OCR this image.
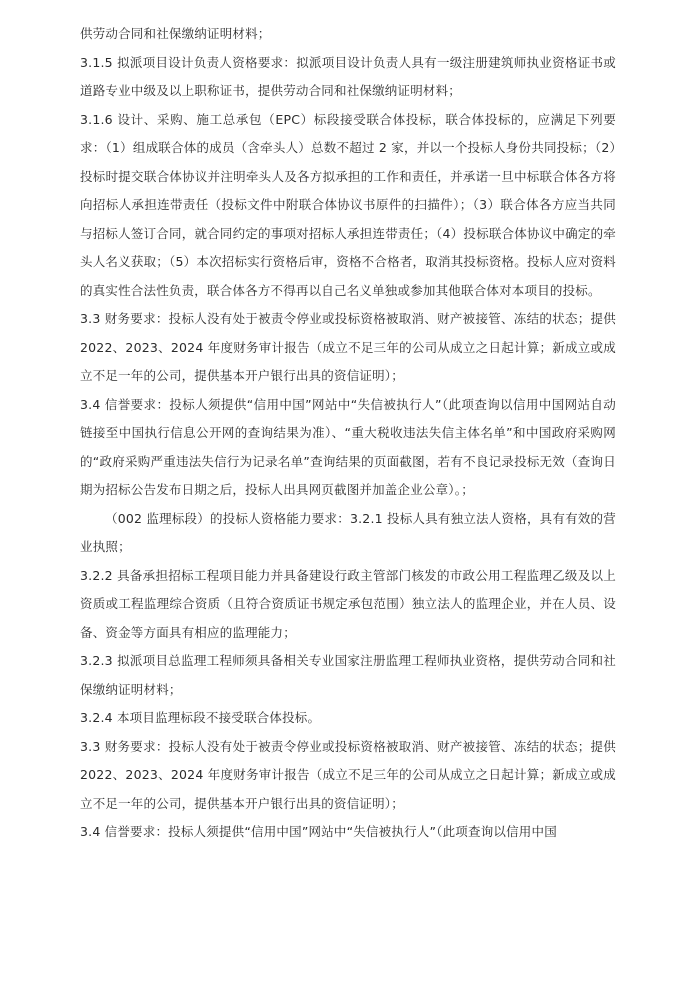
供劳动合同和社保缴纳证明材料；

3.1.5 拟派项目设计负责人资格要求：拟派项目设计负责人具有一级注册建筑师执业资格证书或道路专业中级及以上职称证书，提供劳动合同和社保缴纳证明材料；

3.1.6 设计、采购、施工总承包（EPC）标段接受联合体投标，联合体投标的，应满足下列要求：（1）组成联合体的成员（含牵头人）总数不超过 2 家，并以一个投标人身份共同投标；（2）投标时提交联合体协议并注明牵头人及各方拟承担的工作和责任，并承诺一旦中标联合体各方将向招标人承担连带责任（投标文件中附联合体协议书原件的扫描件）；（3）联合体各方应当共同与招标人签订合同，就合同约定的事项对招标人承担连带责任；（4）投标联合体协议中确定的牵头人名义获取；（5）本次招标实行资格后审，资格不合格者，取消其投标资格。投标人应对资料的真实性合法性负责，联合体各方不得再以自己名义单独或参加其他联合体对本项目的投标。

3.3 财务要求：投标人没有处于被责令停业或投标资格被取消、财产被接管、冻结的状态；提供 2022、2023、2024 年度财务审计报告（成立不足三年的公司从成立之日起计算；新成立或成立不足一年的公司，提供基本开户银行出具的资信证明）；

3.4 信誉要求：投标人须提供“信用中国”网站中“失信被执行人”（此项查询以信用中国网站自动链接至中国执行信息公开网的查询结果为准）、“重大税收违法失信主体名单”和中国政府采购网的“政府采购严重违法失信行为记录名单”查询结果的页面截图，若有不良记录投标无效（查询日期为招标公告发布日期之后，投标人出具网页截图并加盖企业公章）。；

（002 监理标段）的投标人资格能力要求：3.2.1 投标人具有独立法人资格，具有有效的营业执照；

3.2.2 具备承担招标工程项目能力并具备建设行政主管部门核发的市政公用工程监理乙级及以上资质或工程监理综合资质（且符合资质证书规定承包范围）独立法人的监理企业，并在人员、设备、资金等方面具有相应的监理能力；

3.2.3 拟派项目总监理工程师须具备相关专业国家注册监理工程师执业资格，提供劳动合同和社保缴纳证明材料；

3.2.4 本项目监理标段不接受联合体投标。

3.3 财务要求：投标人没有处于被责令停业或投标资格被取消、财产被接管、冻结的状态；提供 2022、2023、2024 年度财务审计报告（成立不足三年的公司从成立之日起计算；新成立或成立不足一年的公司，提供基本开户银行出具的资信证明）；

3.4 信誉要求：投标人须提供“信用中国”网站中“失信被执行人”（此项查询以信用中国
